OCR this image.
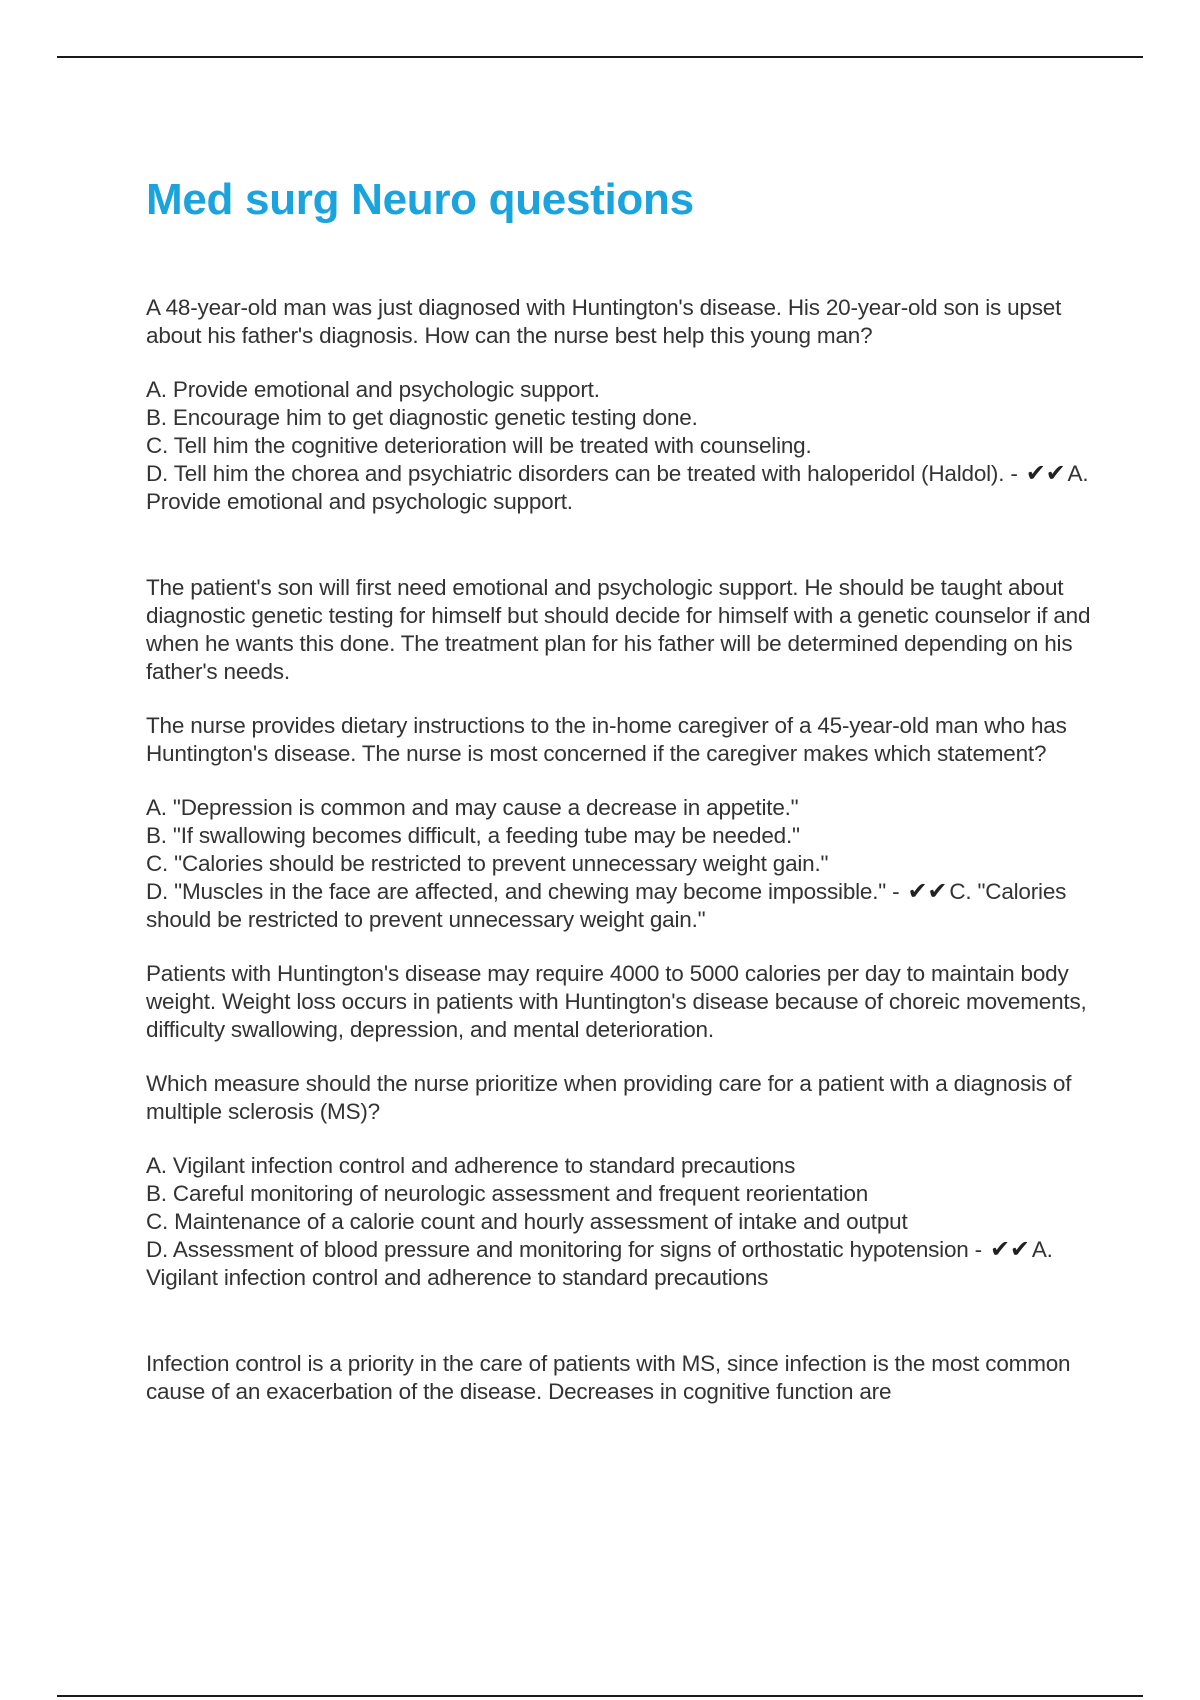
Med surg Neuro questions

A 48-year-old man was just diagnosed with Huntington's disease. His 20-year-old son is upset about his father's diagnosis. How can the nurse best help this young man?

A. Provide emotional and psychologic support.
B. Encourage him to get diagnostic genetic testing done.
C. Tell him the cognitive deterioration will be treated with counseling.
D. Tell him the chorea and psychiatric disorders can be treated with haloperidol (Haldol). - ✔✔A. Provide emotional and psychologic support.

The patient's son will first need emotional and psychologic support. He should be taught about diagnostic genetic testing for himself but should decide for himself with a genetic counselor if and when he wants this done. The treatment plan for his father will be determined depending on his father's needs.

The nurse provides dietary instructions to the in-home caregiver of a 45-year-old man who has Huntington's disease. The nurse is most concerned if the caregiver makes which statement?

A. "Depression is common and may cause a decrease in appetite."
B. "If swallowing becomes difficult, a feeding tube may be needed."
C. "Calories should be restricted to prevent unnecessary weight gain."
D. "Muscles in the face are affected, and chewing may become impossible." - ✔✔C. "Calories should be restricted to prevent unnecessary weight gain."

Patients with Huntington's disease may require 4000 to 5000 calories per day to maintain body weight. Weight loss occurs in patients with Huntington's disease because of choreic movements, difficulty swallowing, depression, and mental deterioration.

Which measure should the nurse prioritize when providing care for a patient with a diagnosis of multiple sclerosis (MS)?

A. Vigilant infection control and adherence to standard precautions
B. Careful monitoring of neurologic assessment and frequent reorientation
C. Maintenance of a calorie count and hourly assessment of intake and output
D. Assessment of blood pressure and monitoring for signs of orthostatic hypotension - ✔✔A. Vigilant infection control and adherence to standard precautions

Infection control is a priority in the care of patients with MS, since infection is the most common cause of an exacerbation of the disease. Decreases in cognitive function are
